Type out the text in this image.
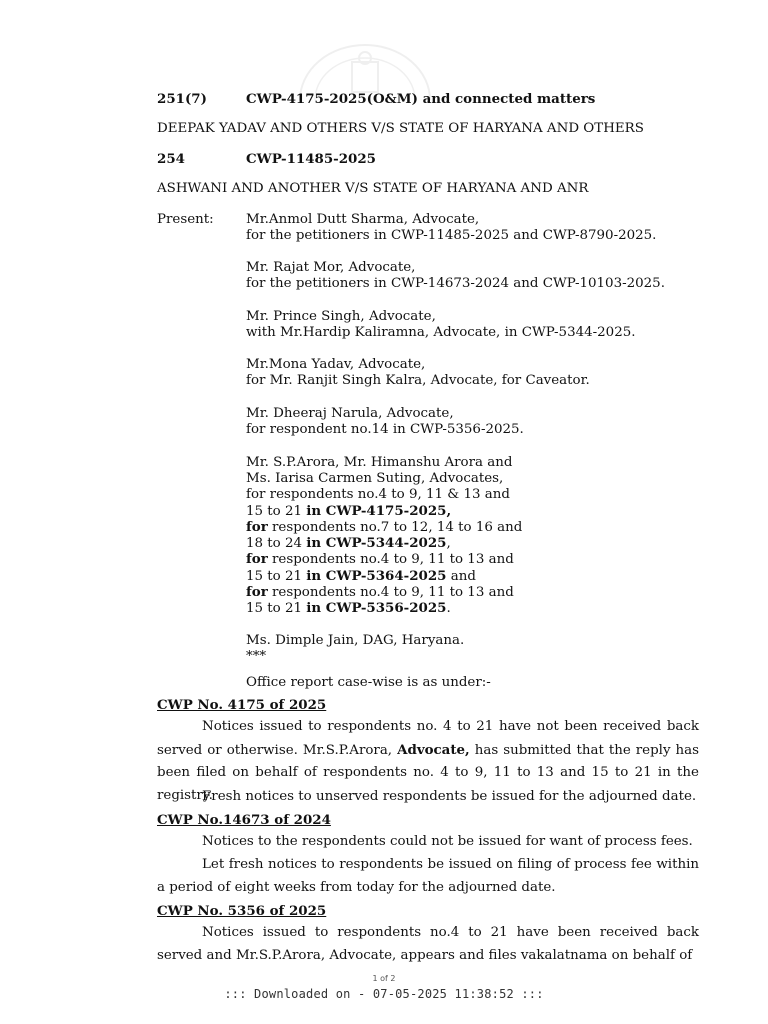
251(7)	CWP-4175-2025(O&M) and connected matters
DEEPAK YADAV AND OTHERS V/S STATE OF HARYANA AND OTHERS
254	CWP-11485-2025
ASHWANI AND ANOTHER V/S STATE OF HARYANA AND ANR
Present: Mr.Anmol Dutt Sharma, Advocate,
for the petitioners in CWP-11485-2025 and CWP-8790-2025.
Mr. Rajat Mor, Advocate,
for the petitioners in CWP-14673-2024 and CWP-10103-2025.
Mr. Prince Singh, Advocate,
with Mr.Hardip Kaliramna, Advocate, in CWP-5344-2025.
Mr.Mona Yadav, Advocate,
for Mr. Ranjit Singh Kalra, Advocate, for Caveator.
Mr. Dheeraj Narula, Advocate,
for respondent no.14 in CWP-5356-2025.
Mr. S.P.Arora, Mr. Himanshu Arora and
Ms. Iarisa Carmen Suting, Advocates,
for respondents no.4 to 9, 11 & 13 and
15 to 21 in CWP-4175-2025,
for respondents no.7 to 12, 14 to 16 and
18 to 24 in CWP-5344-2025,
for respondents no.4 to 9, 11 to 13 and
15 to 21 in CWP-5364-2025 and
for respondents no.4 to 9, 11 to 13 and
15 to 21 in CWP-5356-2025.
Ms. Dimple Jain, DAG, Haryana.
***
Office report case-wise is as under:-
CWP No. 4175 of 2025
Notices issued to respondents no. 4 to 21 have not been received back served or otherwise. Mr.S.P.Arora, Advocate, has submitted that the reply has been filed on behalf of respondents no. 4 to 9, 11 to 13 and 15 to 21 in the registry.
Fresh notices to unserved respondents be issued for the adjourned date.
CWP No.14673 of 2024
Notices to the respondents could not be issued for want of process fees.
Let fresh notices to respondents be issued on filing of process fee within a period of eight weeks from today for the adjourned date.
CWP No. 5356 of 2025
Notices issued to respondents no.4 to 21 have been received back served and Mr.S.P.Arora, Advocate, appears and files vakalatnama on behalf of
1 of 2
::: Downloaded on - 07-05-2025 11:38:52 :::
